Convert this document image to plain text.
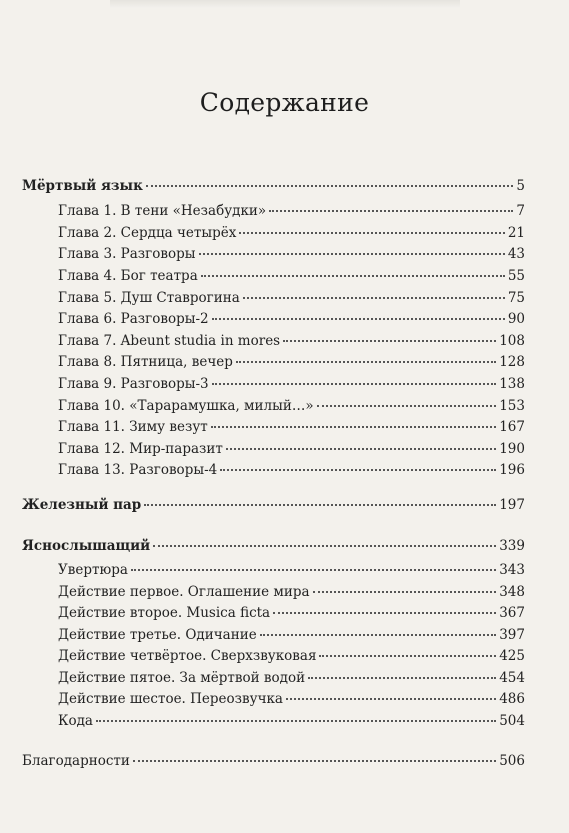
Содержание
Мёртвый язык	5
Глава 1. В тени «Незабудки»	7
Глава 2. Сердца четырёх	21
Глава 3. Разговоры	43
Глава 4. Бог театра	55
Глава 5. Душ Ставрогина	75
Глава 6. Разговоры-2	90
Глава 7. Abeunt studia in mores	108
Глава 8. Пятница, вечер	128
Глава 9. Разговоры-3	138
Глава 10. «Тарарамушка, милый…»	153
Глава 11. Зиму везут	167
Глава 12. Мир-паразит	190
Глава 13. Разговоры-4	196
Железный пар	197
Яснослышащий	339
Увертюра	343
Действие первое. Оглашение мира	348
Действие второе. Musica ficta	367
Действие третье. Одичание	397
Действие четвёртое. Сверхзвуковая	425
Действие пятое. За мёртвой водой	454
Действие шестое. Переозвучка	486
Кода	504
Благодарности	506
